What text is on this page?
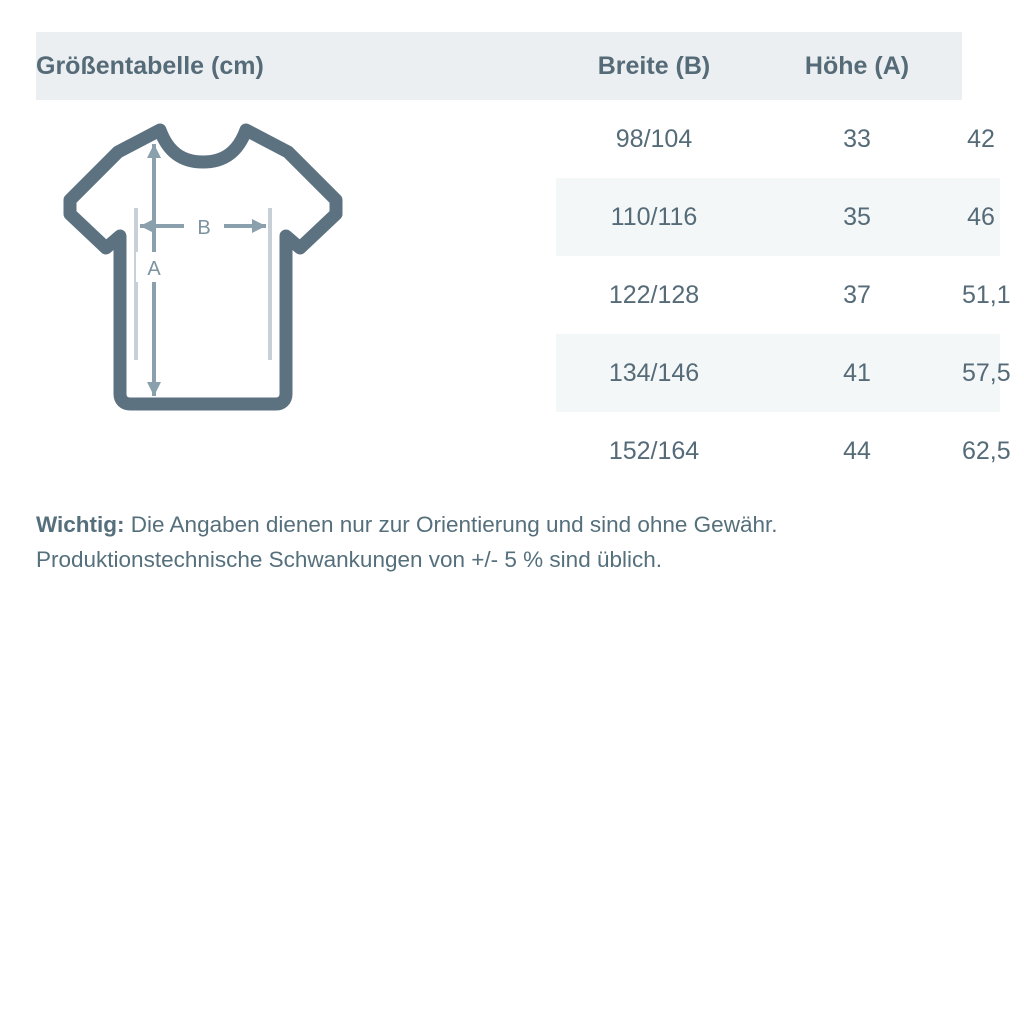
Größentabelle (cm)	Breite (B)	Höhe (A)	

B
A	98/104	33	42
	110/116	35	46
	122/128	37	51,1
	134/146	41	57,5
	152/164	44	62,5
Wichtig: Die Angaben dienen nur zur Orientierung und sind ohne Gewähr.
Produktionstechnische Schwankungen von +/- 5 % sind üblich.
